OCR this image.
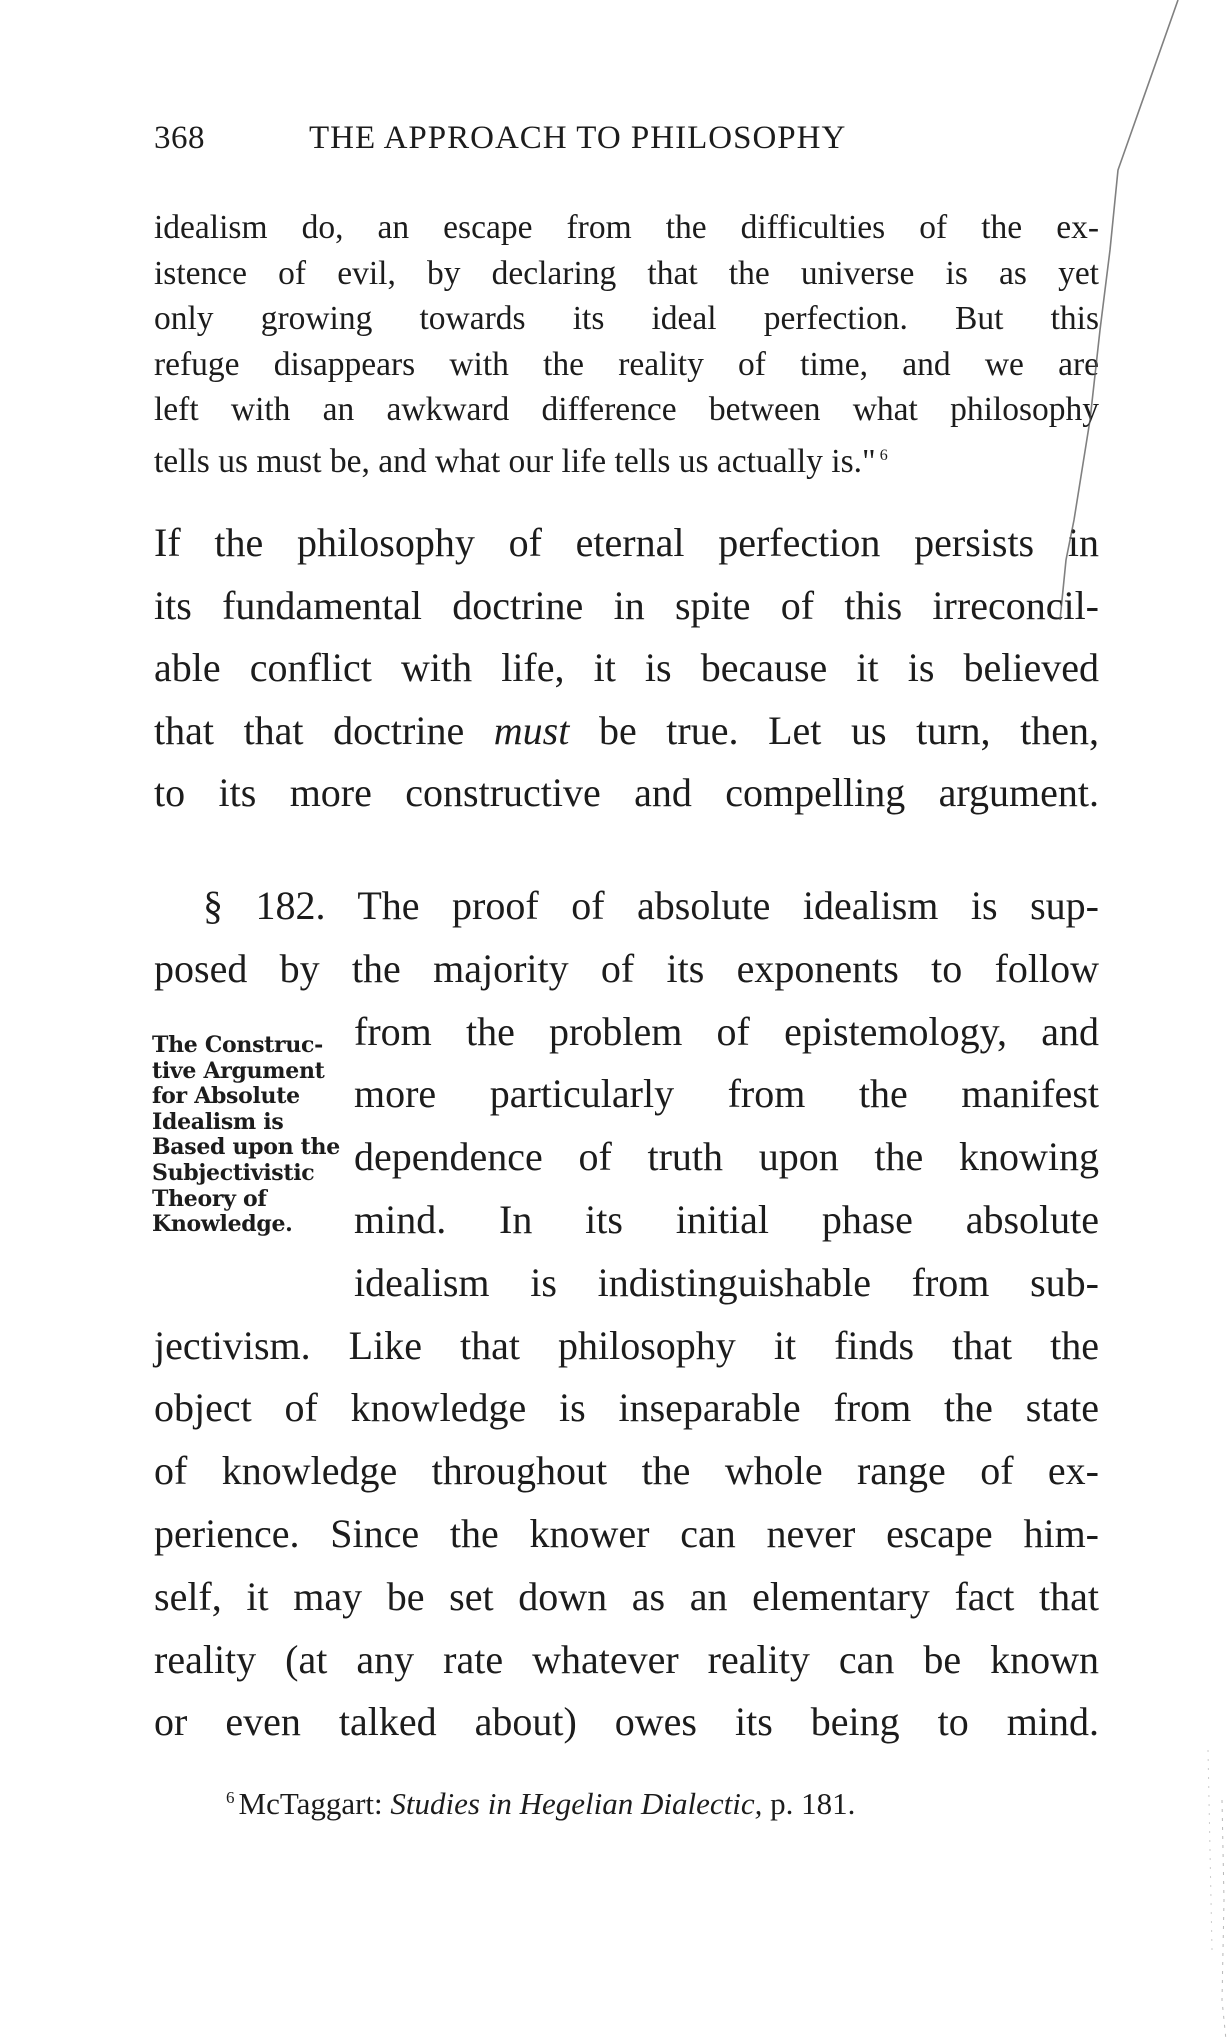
368	THE APPROACH TO PHILOSOPHY
idealism do, an escape from the difficulties of the ex-
istence of evil, by declaring that the universe is as yet
only growing towards its ideal perfection. But this
refuge disappears with the reality of time, and we are
left with an awkward difference between what philosophy
tells us must be, and what our life tells us actually is." $^6$
If the philosophy of eternal perfection persists in
its fundamental doctrine in spite of this irreconcil-
able conflict with life, it is because it is believed
that that doctrine must be true. Let us turn, then,
to its more constructive and compelling argument.
§ 182. The proof of absolute idealism is sup-
posed by the majority of its exponents to follow
from the problem of epistemology, and
more particularly from the manifest
dependence of truth upon the knowing
mind. In its initial phase absolute
idealism is indistinguishable from sub-
jectivism. Like that philosophy it finds that the
object of knowledge is inseparable from the state
of knowledge throughout the whole range of ex-
perience. Since the knower can never escape him-
self, it may be set down as an elementary fact that
reality (at any rate whatever reality can be known
or even talked about) owes its being to mind.
The Construc-
tive Argument
for Absolute
Idealism is
Based upon the
Subjectivistic
Theory of
Knowledge.
$^6$ McTaggart: Studies in Hegelian Dialectic, p. 181.
